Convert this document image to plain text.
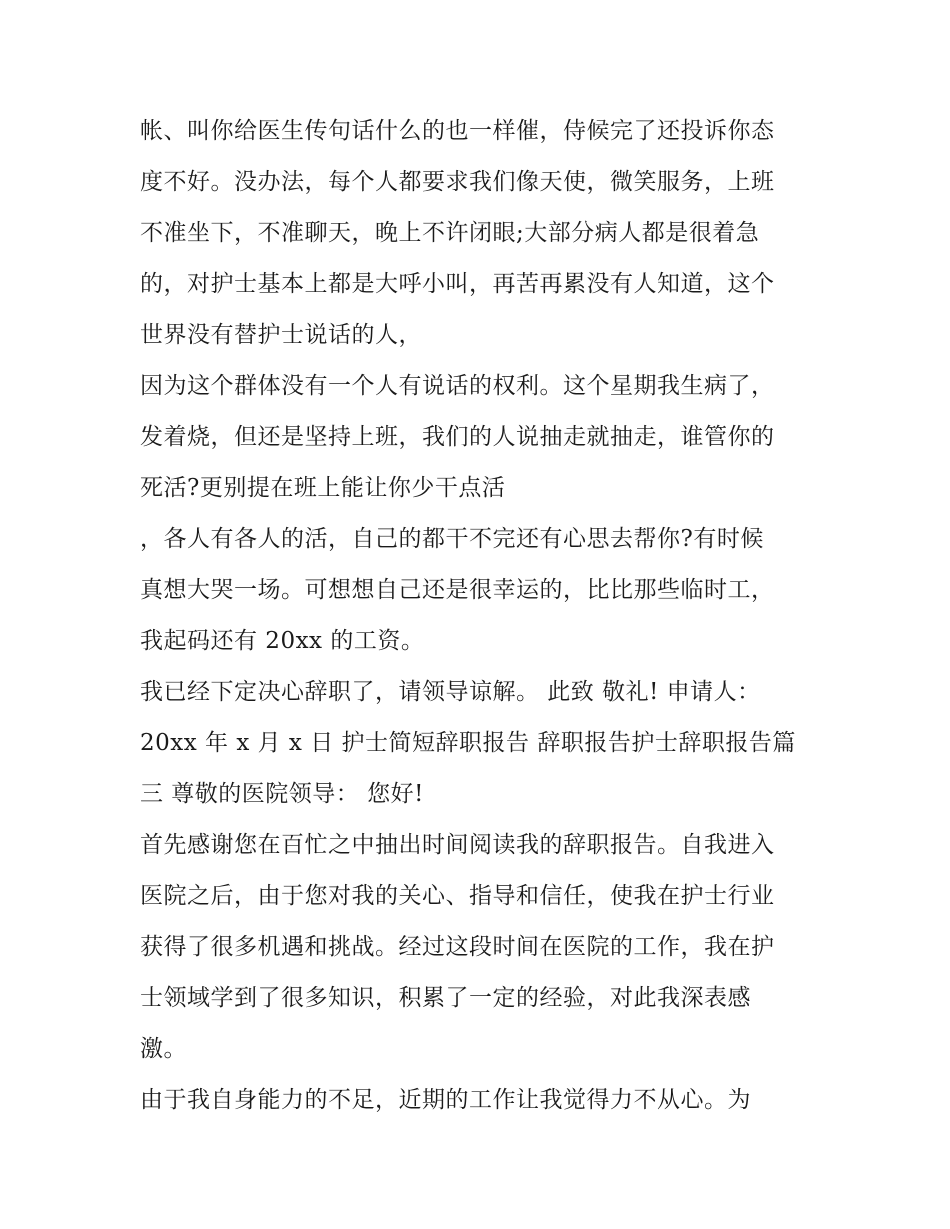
帐、叫你给医生传句话什么的也一样催，侍候完了还投诉你态
度不好。没办法，每个人都要求我们像天使，微笑服务，上班
不准坐下，不准聊天，晚上不许闭眼;大部分病人都是很着急
的，对护士基本上都是大呼小叫，再苦再累没有人知道，这个
世界没有替护士说话的人，
因为这个群体没有一个人有说话的权利。这个星期我生病了，
发着烧，但还是坚持上班，我们的人说抽走就抽走，谁管你的
死活?更别提在班上能让你少干点活
，各人有各人的活，自己的都干不完还有心思去帮你?有时候
真想大哭一场。可想想自己还是很幸运的，比比那些临时工，
我起码还有 20xx 的工资。
我已经下定决心辞职了，请领导谅解。 此致 敬礼! 申请人：
20xx 年 x 月 x 日 护士简短辞职报告 辞职报告护士辞职报告篇
三 尊敬的医院领导： 您好!
首先感谢您在百忙之中抽出时间阅读我的辞职报告。自我进入
医院之后，由于您对我的关心、指导和信任，使我在护士行业
获得了很多机遇和挑战。经过这段时间在医院的工作，我在护
士领域学到了很多知识，积累了一定的经验，对此我深表感
激。
由于我自身能力的不足，近期的工作让我觉得力不从心。为
